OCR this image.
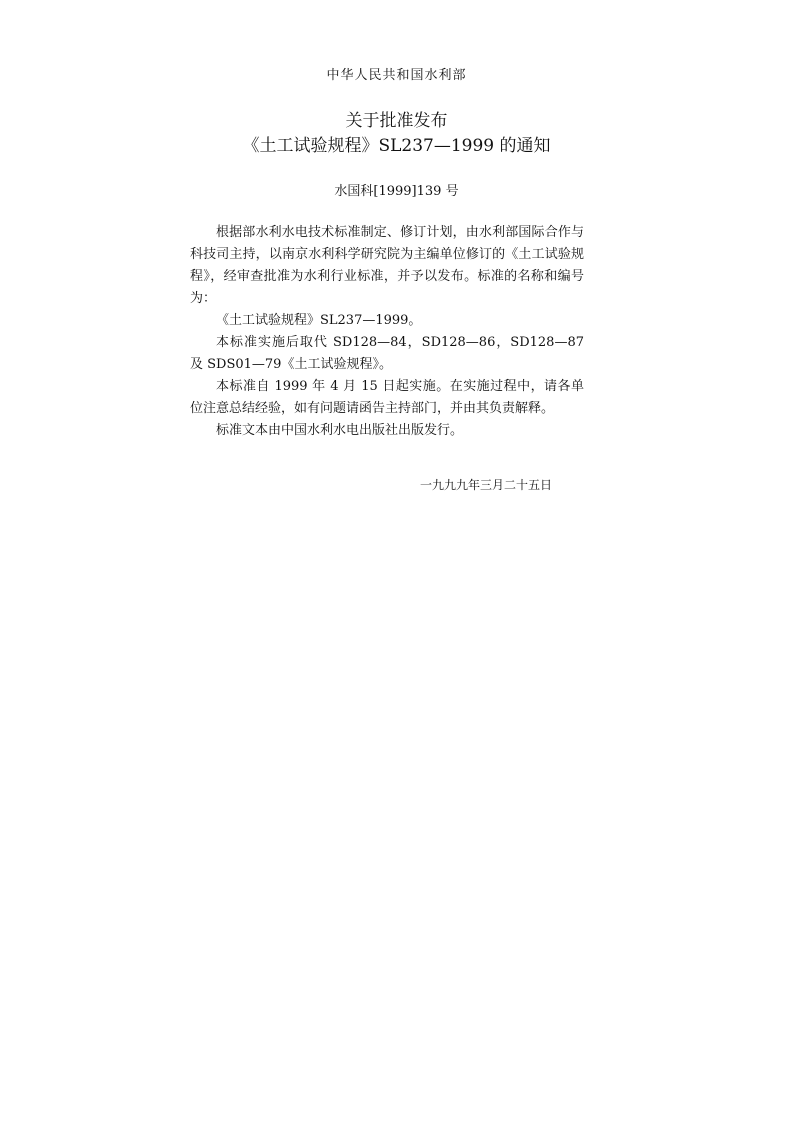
中华人民共和国水利部
关于批准发布
《土工试验规程》SL237—1999 的通知
水国科[1999]139 号

根据部水利水电技术标准制定、修订计划，由水利部国际合作与科技司主持，以南京水利科学研究院为主编单位修订的《土工试验规程》，经审查批准为水利行业标准，并予以发布。标准的名称和编号为：

《土工试验规程》SL237—1999。

本标准实施后取代 SD128—84，SD128—86，SD128—87 及 SDS01—79《土工试验规程》。

本标准自 1999 年 4 月 15 日起实施。在实施过程中，请各单位注意总结经验，如有问题请函告主持部门，并由其负责解释。

标准文本由中国水利水电出版社出版发行。

一九九九年三月二十五日
